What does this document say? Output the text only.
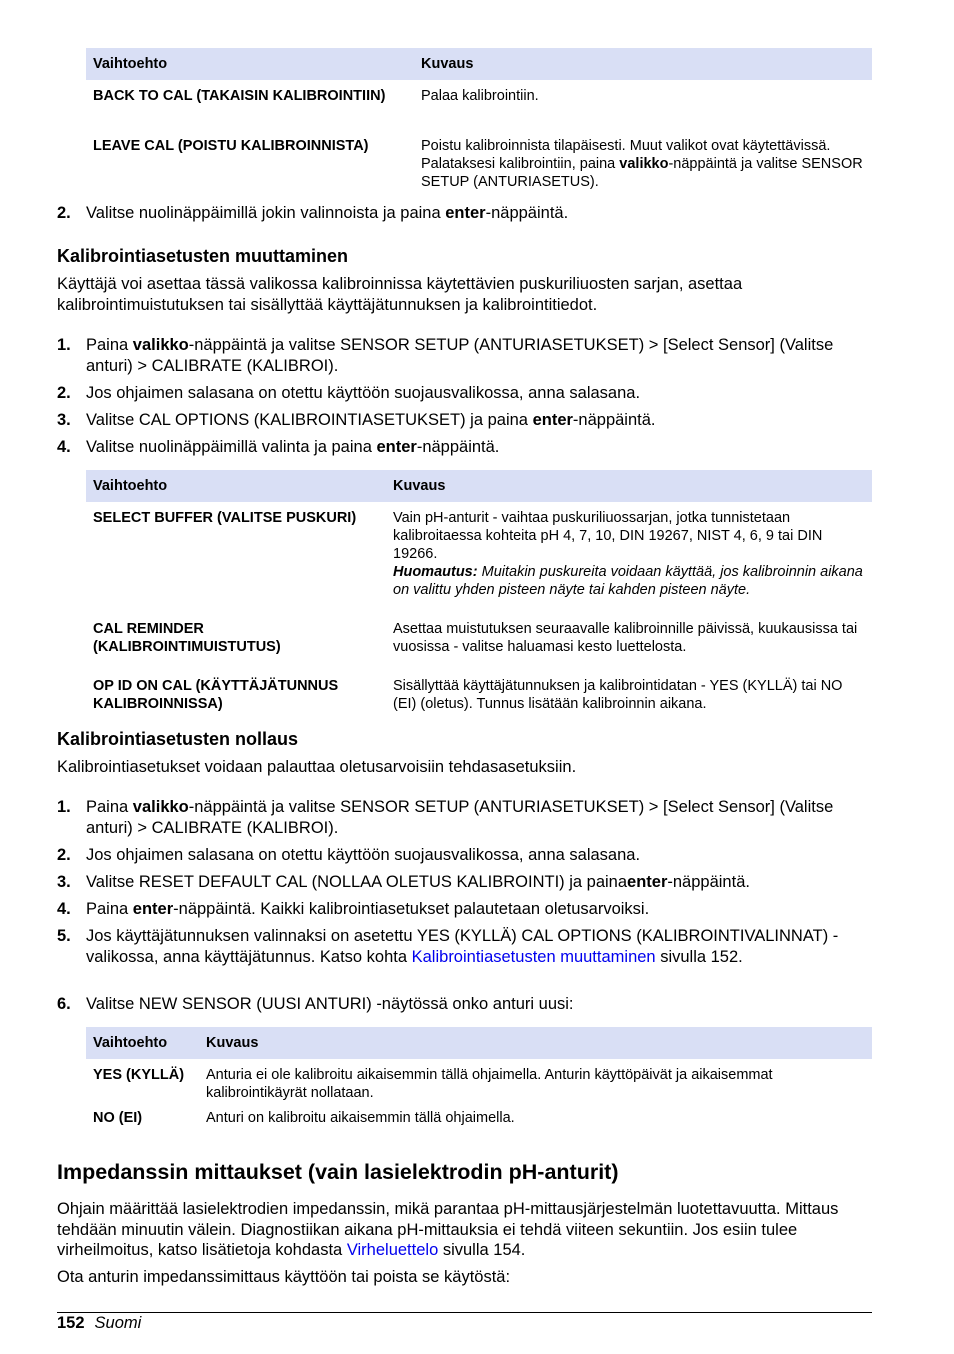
Vaihtoehto	Kuvaus
BACK TO CAL (TAKAISIN KALIBROINTIIN)	Palaa kalibrointiin.
LEAVE CAL (POISTU KALIBROINNISTA)	Poistu kalibroinnista tilapäisesti. Muut valikot ovat käytettävissä. Palataksesi kalibrointiin, paina valikko-näppäintä ja valitse SENSOR SETUP (ANTURIASETUS).
2. Valitse nuolinäppäimillä jokin valinnoista ja paina enter-näppäintä.
Kalibrointiasetusten muuttaminen
Käyttäjä voi asettaa tässä valikossa kalibroinnissa käytettävien puskuriliuosten sarjan, asettaa kalibrointimuistutuksen tai sisällyttää käyttäjätunnuksen ja kalibrointitiedot.
1. Paina valikko-näppäintä ja valitse SENSOR SETUP (ANTURIASETUKSET) > [Select Sensor] (Valitse anturi) > CALIBRATE (KALIBROI).
2. Jos ohjaimen salasana on otettu käyttöön suojausvalikossa, anna salasana.
3. Valitse CAL OPTIONS (KALIBROINTIASETUKSET) ja paina enter-näppäintä.
4. Valitse nuolinäppäimillä valinta ja paina enter-näppäintä.
Vaihtoehto	Kuvaus
SELECT BUFFER (VALITSE PUSKURI)	Vain pH-anturit - vaihtaa puskuriliuossarjan, jotka tunnistetaan kalibroitaessa kohteita pH 4, 7, 10, DIN 19267, NIST 4, 6, 9 tai DIN 19266.
Huomautus: Muitakin puskureita voidaan käyttää, jos kalibroinnin aikana on valittu yhden pisteen näyte tai kahden pisteen näyte.

CAL REMINDER (KALIBROINTIMUISTUTUS)	Asettaa muistutuksen seuraavalle kalibroinnille päivissä, kuukausissa tai vuosissa - valitse haluamasi kesto luettelosta.
OP ID ON CAL (KÄYTTÄJÄTUNNUS KALIBROINNISSA)	Sisällyttää käyttäjätunnuksen ja kalibrointidatan - YES (KYLLÄ) tai NO (EI) (oletus). Tunnus lisätään kalibroinnin aikana.
Kalibrointiasetusten nollaus
Kalibrointiasetukset voidaan palauttaa oletusarvoisiin tehdasasetuksiin.
1. Paina valikko-näppäintä ja valitse SENSOR SETUP (ANTURIASETUKSET) > [Select Sensor] (Valitse anturi) > CALIBRATE (KALIBROI).
2. Jos ohjaimen salasana on otettu käyttöön suojausvalikossa, anna salasana.
3. Valitse RESET DEFAULT CAL (NOLLAA OLETUS KALIBROINTI) ja painaenter-näppäintä.
4. Paina enter-näppäintä. Kaikki kalibrointiasetukset palautetaan oletusarvoiksi.
5. Jos käyttäjätunnuksen valinnaksi on asetettu YES (KYLLÄ) CAL OPTIONS (KALIBROINTIVALINNAT) -valikossa, anna käyttäjätunnus. Katso kohta Kalibrointiasetusten muuttaminen sivulla 152.
6. Valitse NEW SENSOR (UUSI ANTURI) -näytössä onko anturi uusi:
Vaihtoehto	Kuvaus
YES (KYLLÄ)	Anturia ei ole kalibroitu aikaisemmin tällä ohjaimella. Anturin käyttöpäivät ja aikaisemmat kalibrointikäyrät nollataan.
NO (EI)	Anturi on kalibroitu aikaisemmin tällä ohjaimella.
Impedanssin mittaukset (vain lasielektrodin pH-anturit)
Ohjain määrittää lasielektrodien impedanssin, mikä parantaa pH-mittausjärjestelmän luotettavuutta. Mittaus tehdään minuutin välein. Diagnostiikan aikana pH-mittauksia ei tehdä viiteen sekuntiin. Jos esiin tulee virheilmoitus, katso lisätietoja kohdasta Virheluettelo sivulla 154.
Ota anturin impedanssimittaus käyttöön tai poista se käytöstä:
152 Suomi
